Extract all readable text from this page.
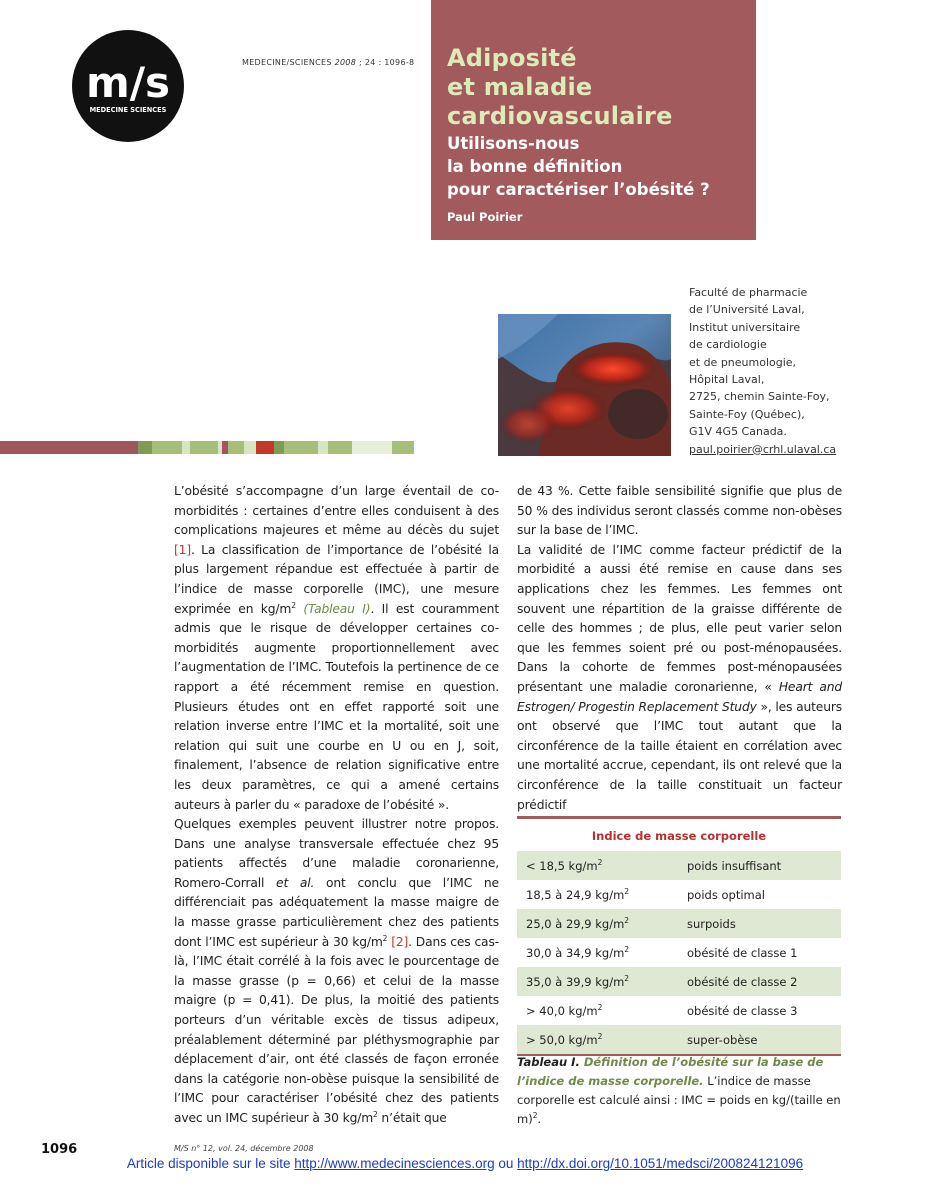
m/s
MEDECINE SCIENCES
MEDECINE/SCIENCES 2008 ; 24 : 1096-8 Adiposité
et maladie
cardiovasculaire
Utilisons-nous
la bonne définition
pour caractériser l’obésité ?
Paul Poirier
Faculté de pharmacie
de l’Université Laval,
Institut universitaire
de cardiologie
et de pneumologie,
Hôpital Laval,
2725, chemin Sainte-Foy,
Sainte-Foy (Québec),
G1V 4G5 Canada.
paul.poirier@crhl.ulaval.ca

L’obésité s’accompagne d’un large éventail de co-morbidités : certaines d’entre elles conduisent à des complications majeures et même au décès du sujet [1]. La classification de l’importance de l’obésité la plus largement répandue est effectuée à partir de l’indice de masse corporelle (IMC), une mesure exprimée en $kg/m^2$ (Tableau I). Il est couramment admis que le risque de développer certaines co-morbidités augmente proportionnellement avec l’augmentation de l’IMC. Toutefois la pertinence de ce rapport a été récemment remise en question. Plusieurs études ont en effet rapporté soit une relation inverse entre l’IMC et la mortalité, soit une relation qui suit une courbe en U ou en J, soit, finalement, l’absence de relation significative entre les deux paramètres, ce qui a amené certains auteurs à parler du « paradoxe de l’obésité ».

Quelques exemples peuvent illustrer notre propos. Dans une analyse transversale effectuée chez 95 patients affectés d’une maladie coronarienne, Romero-Corrall et al. ont conclu que l’IMC ne différenciait pas adéquatement la masse maigre de la masse grasse particulièrement chez des patients dont l’IMC est supérieur à 30 $kg/m^2$ [2]. Dans ces cas-là, l’IMC était corrélé à la fois avec le pourcentage de la masse grasse (p = 0,66) et celui de la masse maigre (p = 0,41). De plus, la moitié des patients porteurs d’un véritable excès de tissus adipeux, préalablement déterminé par pléthysmographie par déplacement d’air, ont été classés de façon erronée dans la catégorie non-obèse puisque la sensibilité de l’IMC pour caractériser l’obésité chez des patients avec un IMC supérieur à 30 $kg/m^2$ n’était que

de 43 %. Cette faible sensibilité signifie que plus de 50 % des individus seront classés comme non-obèses sur la base de l’IMC.

La validité de l’IMC comme facteur prédictif de la morbidité a aussi été remise en cause dans ses applications chez les femmes. Les femmes ont souvent une répartition de la graisse différente de celle des hommes ; de plus, elle peut varier selon que les femmes soient pré ou post-ménopausées. Dans la cohorte de femmes post-ménopausées présentant une maladie coronarienne, « Heart and Estrogen/ Progestin Replacement Study », les auteurs ont observé que l’IMC tout autant que la circonférence de la taille étaient en corrélation avec une mortalité accrue, cependant, ils ont relevé que la circonférence de la taille constituait un facteur prédictif

Indice de masse corporelle
< 18,5 $kg/m^2$	poids insuffisant
18,5 à 24,9 $kg/m^2$	poids optimal
25,0 à 29,9 $kg/m^2$	surpoids
30,0 à 34,9 $kg/m^2$	obésité de classe 1
35,0 à 39,9 $kg/m^2$	obésité de classe 2
> 40,0 $kg/m^2$	obésité de classe 3
> 50,0 $kg/m^2$	super-obèse
Tableau I. Définition de l’obésité sur la base de l’indice de masse corporelle. L’indice de masse corporelle est calculé ainsi : IMC = poids en kg/(taille en m)$^2$.
1096	M/S n° 12, vol. 24, décembre 2008
Article disponible sur le site http://www.medecinesciences.org ou http://dx.doi.org/10.1051/medsci/200824121096
